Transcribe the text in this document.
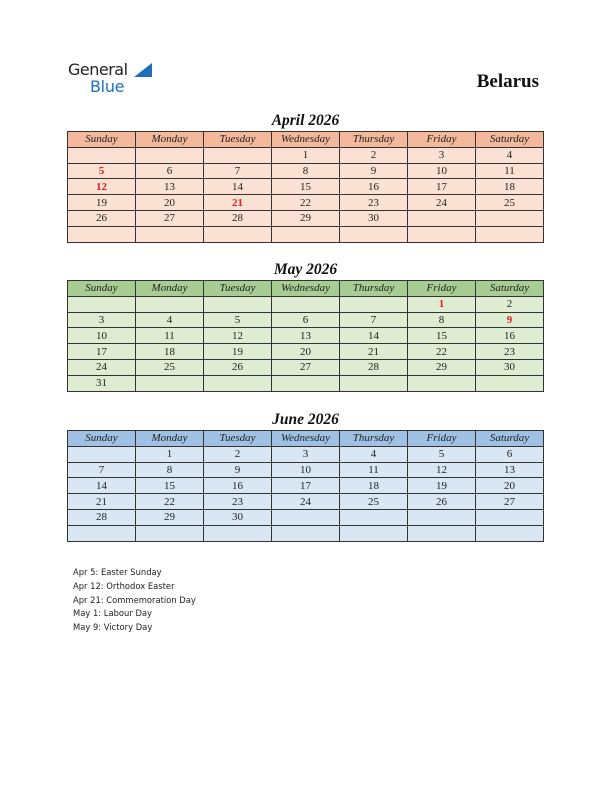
General
Blue	Belarus
April 2026
Sunday	Monday	Tuesday	Wednesday	Thursday	Friday	Saturday
			1	2	3	4
5	6	7	8	9	10	11
12	13	14	15	16	17	18
19	20	21	22	23	24	25
26	27	28	29	30		

May 2026
Sunday	Monday	Tuesday	Wednesday	Thursday	Friday	Saturday
					1	2
3	4	5	6	7	8	9
10	11	12	13	14	15	16
17	18	19	20	21	22	23
24	25	26	27	28	29	30
31						
June 2026
Sunday	Monday	Tuesday	Wednesday	Thursday	Friday	Saturday
	1	2	3	4	5	6
7	8	9	10	11	12	13
14	15	16	17	18	19	20
21	22	23	24	25	26	27
28	29	30				

Apr 5: Easter Sunday
Apr 12: Orthodox Easter
Apr 21: Commemoration Day
May 1: Labour Day
May 9: Victory Day
